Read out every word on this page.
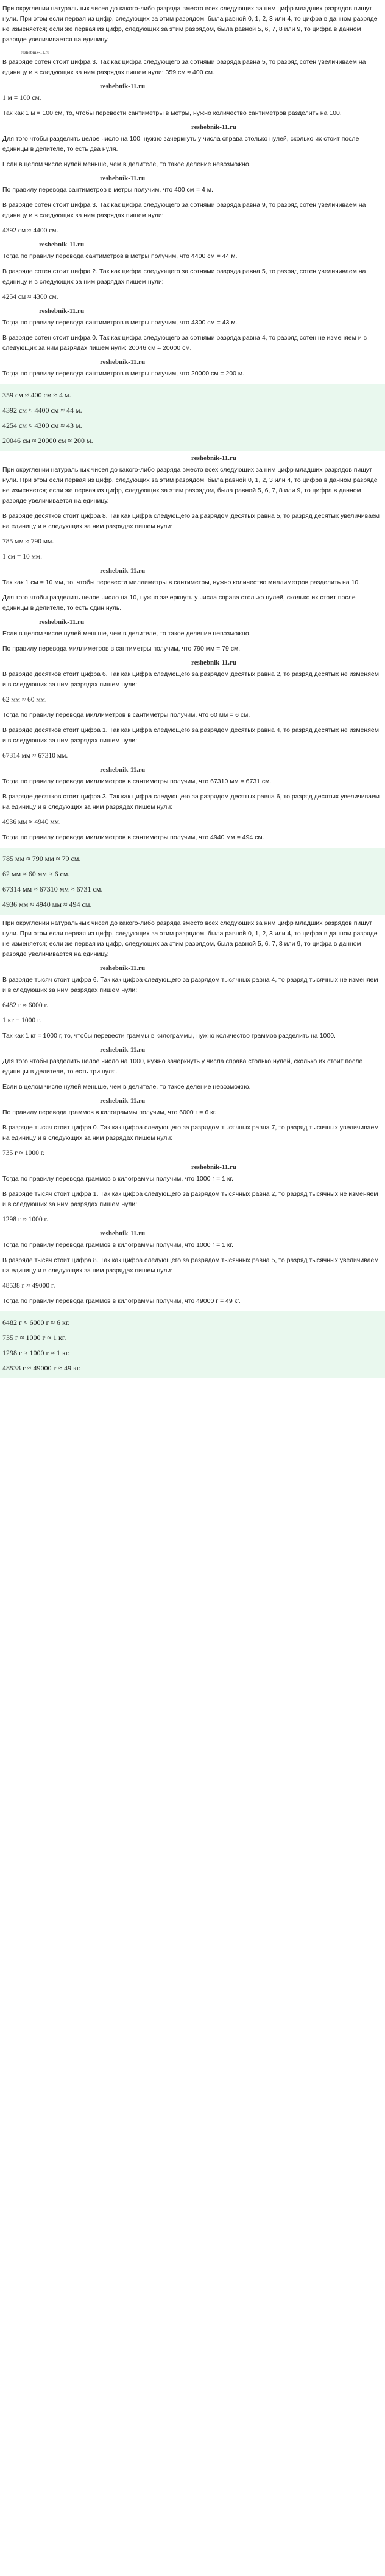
При округлении натуральных чисел до какого-либо разряда вместо всех следующих за ним цифр младших разрядов пишут нули. При этом если первая из цифр, следующих за этим разрядом, была равной 0, 1, 2, 3 или 4, то цифра в данном разряде не изменяется; если же первая из цифр, следующих за этим разрядом, была равной 5, 6, 7, 8 или 9, то цифра в данном разряде увеличивается на единицу.
reshebnik-11.ru
В разряде сотен стоит цифра 3. Так как цифра следующего за сотнями разряда равна 5, то разряд сотен увеличиваем на единицу и в следующих за ним разрядах пишем нули: 359 см ≈ 400 см.
reshebnik-11.ru
1 м = 100 см.
Так как 1 м = 100 см, то, чтобы перевести сантиметры в метры, нужно количество сантиметров разделить на 100.
reshebnik-11.ru
Для того чтобы разделить целое число на 100, нужно зачеркнуть у числа справа столько нулей, сколько их стоит после единицы в делителе, то есть два нуля.
Если в целом числе нулей меньше, чем в делителе, то такое деление невозможно.
reshebnik-11.ru
По правилу перевода сантиметров в метры получим, что 400 см = 4 м.
В разряде сотен стоит цифра 3. Так как цифра следующего за сотнями разряда равна 9, то разряд сотен увеличиваем на единицу и в следующих за ним разрядах пишем нули:
4392 см ≈ 4400 см.
reshebnik-11.ru
Тогда по правилу перевода сантиметров в метры получим, что 4400 см = 44 м.
В разряде сотен стоит цифра 2. Так как цифра следующего за сотнями разряда равна 5, то разряд сотен увеличиваем на единицу и в следующих за ним разрядах пишем нули:
4254 см ≈ 4300 см.
reshebnik-11.ru
Тогда по правилу перевода сантиметров в метры получим, что 4300 см = 43 м.
В разряде сотен стоит цифра 0. Так как цифра следующего за сотнями разряда равна 4, то разряд сотен не изменяем и в следующих за ним разрядах пишем нули: 20046 см ≈ 20000 см.
reshebnik-11.ru
Тогда по правилу перевода сантиметров в метры получим, что 20000 см = 200 м.
359 см ≈ 400 см ≈ 4 м.
4392 см ≈ 4400 см ≈ 44 м.
4254 см ≈ 4300 см ≈ 43 м.
20046 см ≈ 20000 см ≈ 200 м.
reshebnik-11.ru
При округлении натуральных чисел до какого-либо разряда вместо всех следующих за ним цифр младших разрядов пишут нули. При этом если первая из цифр, следующих за этим разрядом, была равной 0, 1, 2, 3 или 4, то цифра в данном разряде не изменяется; если же первая из цифр, следующих за этим разрядом, была равной 5, 6, 7, 8 или 9, то цифра в данном разряде увеличивается на единицу.
В разряде десятков стоит цифра 8. Так как цифра следующего за разрядом десятых равна 5, то разряд десятых увеличиваем на единицу и в следующих за ним разрядах пишем нули:
785 мм ≈ 790 мм.
1 см = 10 мм.
reshebnik-11.ru
Так как 1 см = 10 мм, то, чтобы перевести миллиметры в сантиметры, нужно количество миллиметров разделить на 10.
Для того чтобы разделить целое число на 10, нужно зачеркнуть у числа справа столько нулей, сколько их стоит после единицы в делителе, то есть один нуль.
reshebnik-11.ru
Если в целом числе нулей меньше, чем в делителе, то такое деление невозможно.
По правилу перевода миллиметров в сантиметры получим, что 790 мм = 79 см.
reshebnik-11.ru
В разряде десятков стоит цифра 6. Так как цифра следующего за разрядом десятых равна 2, то разряд десятых не изменяем и в следующих за ним разрядах пишем нули:
62 мм ≈ 60 мм.
Тогда по правилу перевода миллиметров в сантиметры получим, что 60 мм = 6 см.
В разряде десятков стоит цифра 1. Так как цифра следующего за разрядом десятых равна 4, то разряд десятых не изменяем и в следующих за ним разрядах пишем нули:
67314 мм ≈ 67310 мм.
reshebnik-11.ru
Тогда по правилу перевода миллиметров в сантиметры получим, что 67310 мм = 6731 см.
В разряде десятков стоит цифра 3. Так как цифра следующего за разрядом десятых равна 6, то разряд десятых увеличиваем на единицу и в следующих за ним разрядах пишем нули:
4936 мм ≈ 4940 мм.
Тогда по правилу перевода миллиметров в сантиметры получим, что 4940 мм = 494 см.
785 мм ≈ 790 мм ≈ 79 см.
62 мм ≈ 60 мм ≈ 6 см.
67314 мм ≈ 67310 мм ≈ 6731 см.
4936 мм ≈ 4940 мм ≈ 494 см.
При округлении натуральных чисел до какого-либо разряда вместо всех следующих за ним цифр младших разрядов пишут нули. При этом если первая из цифр, следующих за этим разрядом, была равной 0, 1, 2, 3 или 4, то цифра в данном разряде не изменяется; если же первая из цифр, следующих за этим разрядом, была равной 5, 6, 7, 8 или 9, то цифра в данном разряде увеличивается на единицу.
reshebnik-11.ru
В разряде тысяч стоит цифра 6. Так как цифра следующего за разрядом тысячных равна 4, то разряд тысячных не изменяем и в следующих за ним разрядах пишем нули:
6482 г ≈ 6000 г.
1 кг = 1000 г.
Так как 1 кг = 1000 г, то, чтобы перевести граммы в килограммы, нужно количество граммов разделить на 1000.
reshebnik-11.ru
Для того чтобы разделить целое число на 1000, нужно зачеркнуть у числа справа столько нулей, сколько их стоит после единицы в делителе, то есть три нуля.
Если в целом числе нулей меньше, чем в делителе, то такое деление невозможно.
reshebnik-11.ru
По правилу перевода граммов в килограммы получим, что 6000 г = 6 кг.
В разряде тысяч стоит цифра 0. Так как цифра следующего за разрядом тысячных равна 7, то разряд тысячных увеличиваем на единицу и в следующих за ним разрядах пишем нули:
735 г ≈ 1000 г.
reshebnik-11.ru
Тогда по правилу перевода граммов в килограммы получим, что 1000 г = 1 кг.
В разряде тысяч стоит цифра 1. Так как цифра следующего за разрядом тысячных равна 2, то разряд тысячных не изменяем и в следующих за ним разрядах пишем нули:
1298 г ≈ 1000 г.
reshebnik-11.ru
Тогда по правилу перевода граммов в килограммы получим, что 1000 г = 1 кг.
В разряде тысяч стоит цифра 8. Так как цифра следующего за разрядом тысячных равна 5, то разряд тысячных увеличиваем на единицу и в следующих за ним разрядах пишем нули:
48538 г ≈ 49000 г.
Тогда по правилу перевода граммов в килограммы получим, что 49000 г = 49 кг.
6482 г ≈ 6000 г ≈ 6 кг.
735 г ≈ 1000 г ≈ 1 кг.
1298 г ≈ 1000 г ≈ 1 кг.
48538 г ≈ 49000 г ≈ 49 кг.
